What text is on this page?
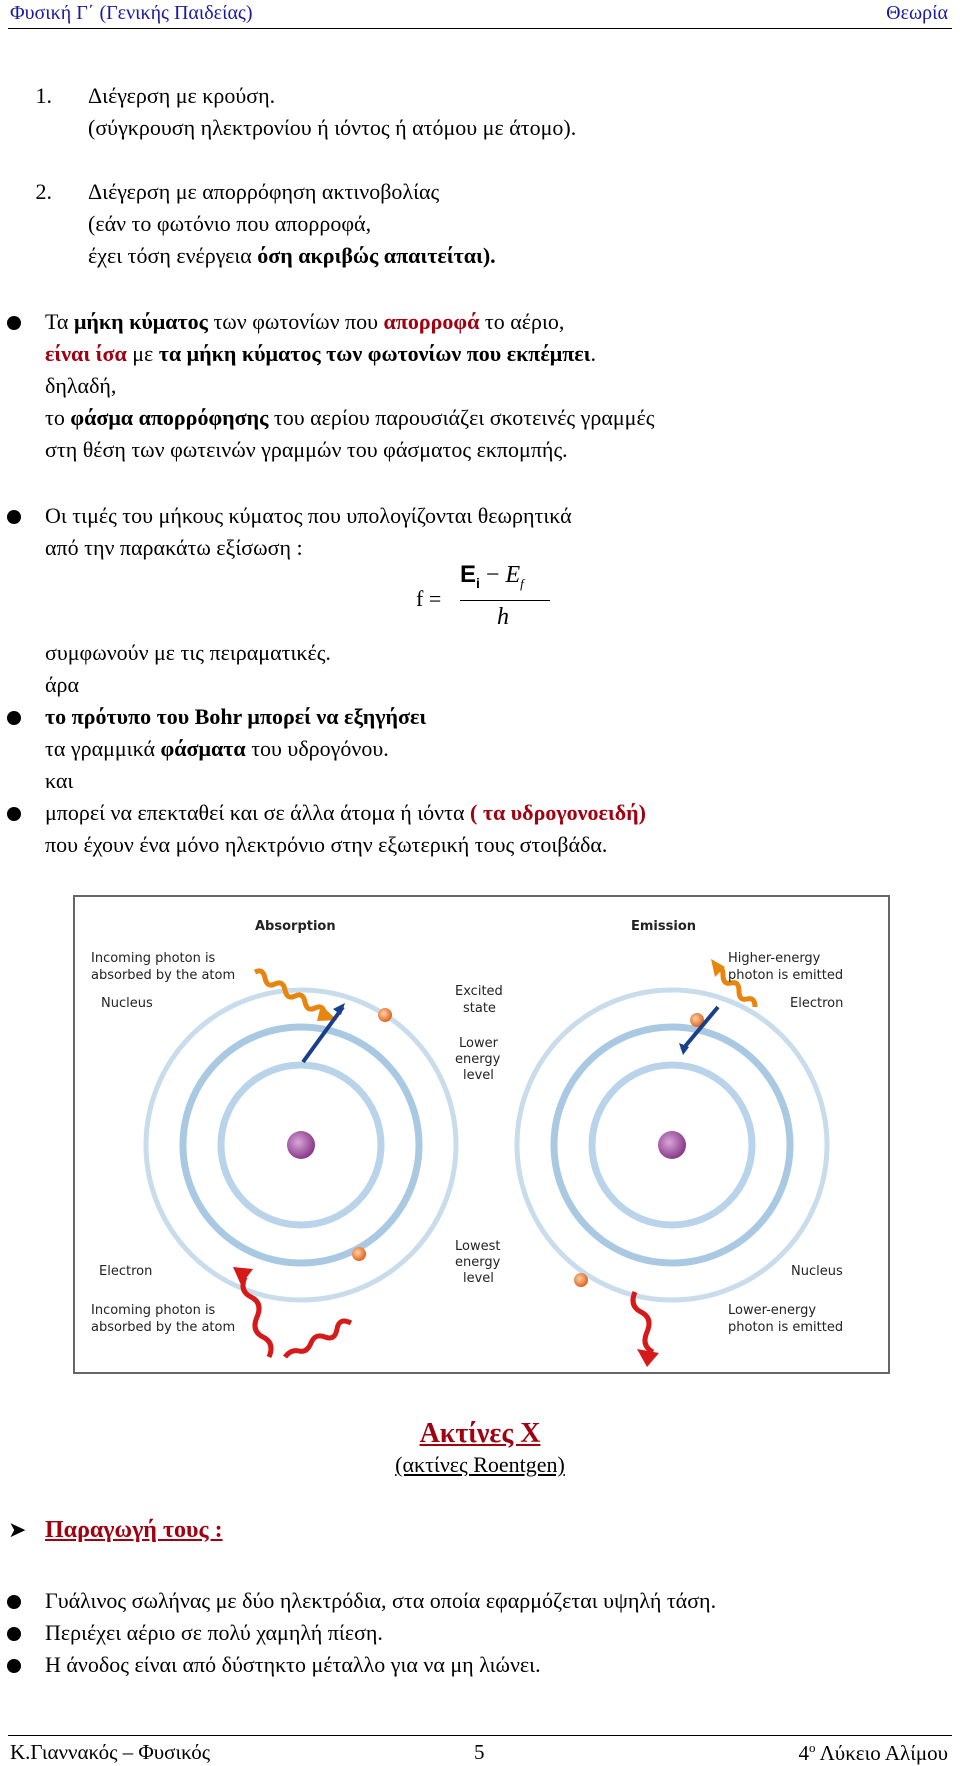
Φυσική Γ΄ (Γενικής Παιδείας)	Θεωρία
1. Διέγερση με κρούση.
(σύγκρουση ηλεκτρονίου ή ιόντος ή ατόμου με άτομο).
2. Διέγερση με απορρόφηση ακτινοβολίας
(εάν το φωτόνιο που απορροφά,
έχει τόση ενέργεια όση ακριβώς απαιτείται).
Τα μήκη κύματος των φωτονίων που απορροφά το αέριο,
είναι ίσα με τα μήκη κύματος των φωτονίων που εκπέμπει.
δηλαδή,
το φάσμα απορρόφησης του αερίου παρουσιάζει σκοτεινές γραμμές
στη θέση των φωτεινών γραμμών του φάσματος εκπομπής.
Οι τιμές του μήκους κύματος που υπολογίζονται θεωρητικά
από την παρακάτω εξίσωση :
f =
$E_i - E_f$
h
συμφωνούν με τις πειραματικές.
άρα
το πρότυπο του Bohr μπορεί να εξηγήσει
τα γραμμικά φάσματα του υδρογόνου.
και
μπορεί να επεκταθεί και σε άλλα άτομα ή ιόντα ( τα υδρογονοειδή)
που έχουν ένα μόνο ηλεκτρόνιο στην εξωτερική τους στοιβάδα.
Absorption	Emission
Incoming photon is
absorbed by the atom
Nucleus
Excited
state
Lower
energy
level
Lowest
energy
level
Higher-energy
photon is emitted
Electron
Electron
Incoming photon is
absorbed by the atom
Nucleus
Lower-energy
photon is emitted
Ακτίνες Χ
(ακτίνες Roentgen)
➤ Παραγωγή τους :
Γυάλινος σωλήνας με δύο ηλεκτρόδια, στα οποία εφαρμόζεται υψηλή τάση.
Περιέχει αέριο σε πολύ χαμηλή πίεση.
Η άνοδος είναι από δύστηκτο μέταλλο για να μη λιώνει.
Κ.Γιαννακός – Φυσικός	5	$4^o$ Λύκειο Αλίμου
